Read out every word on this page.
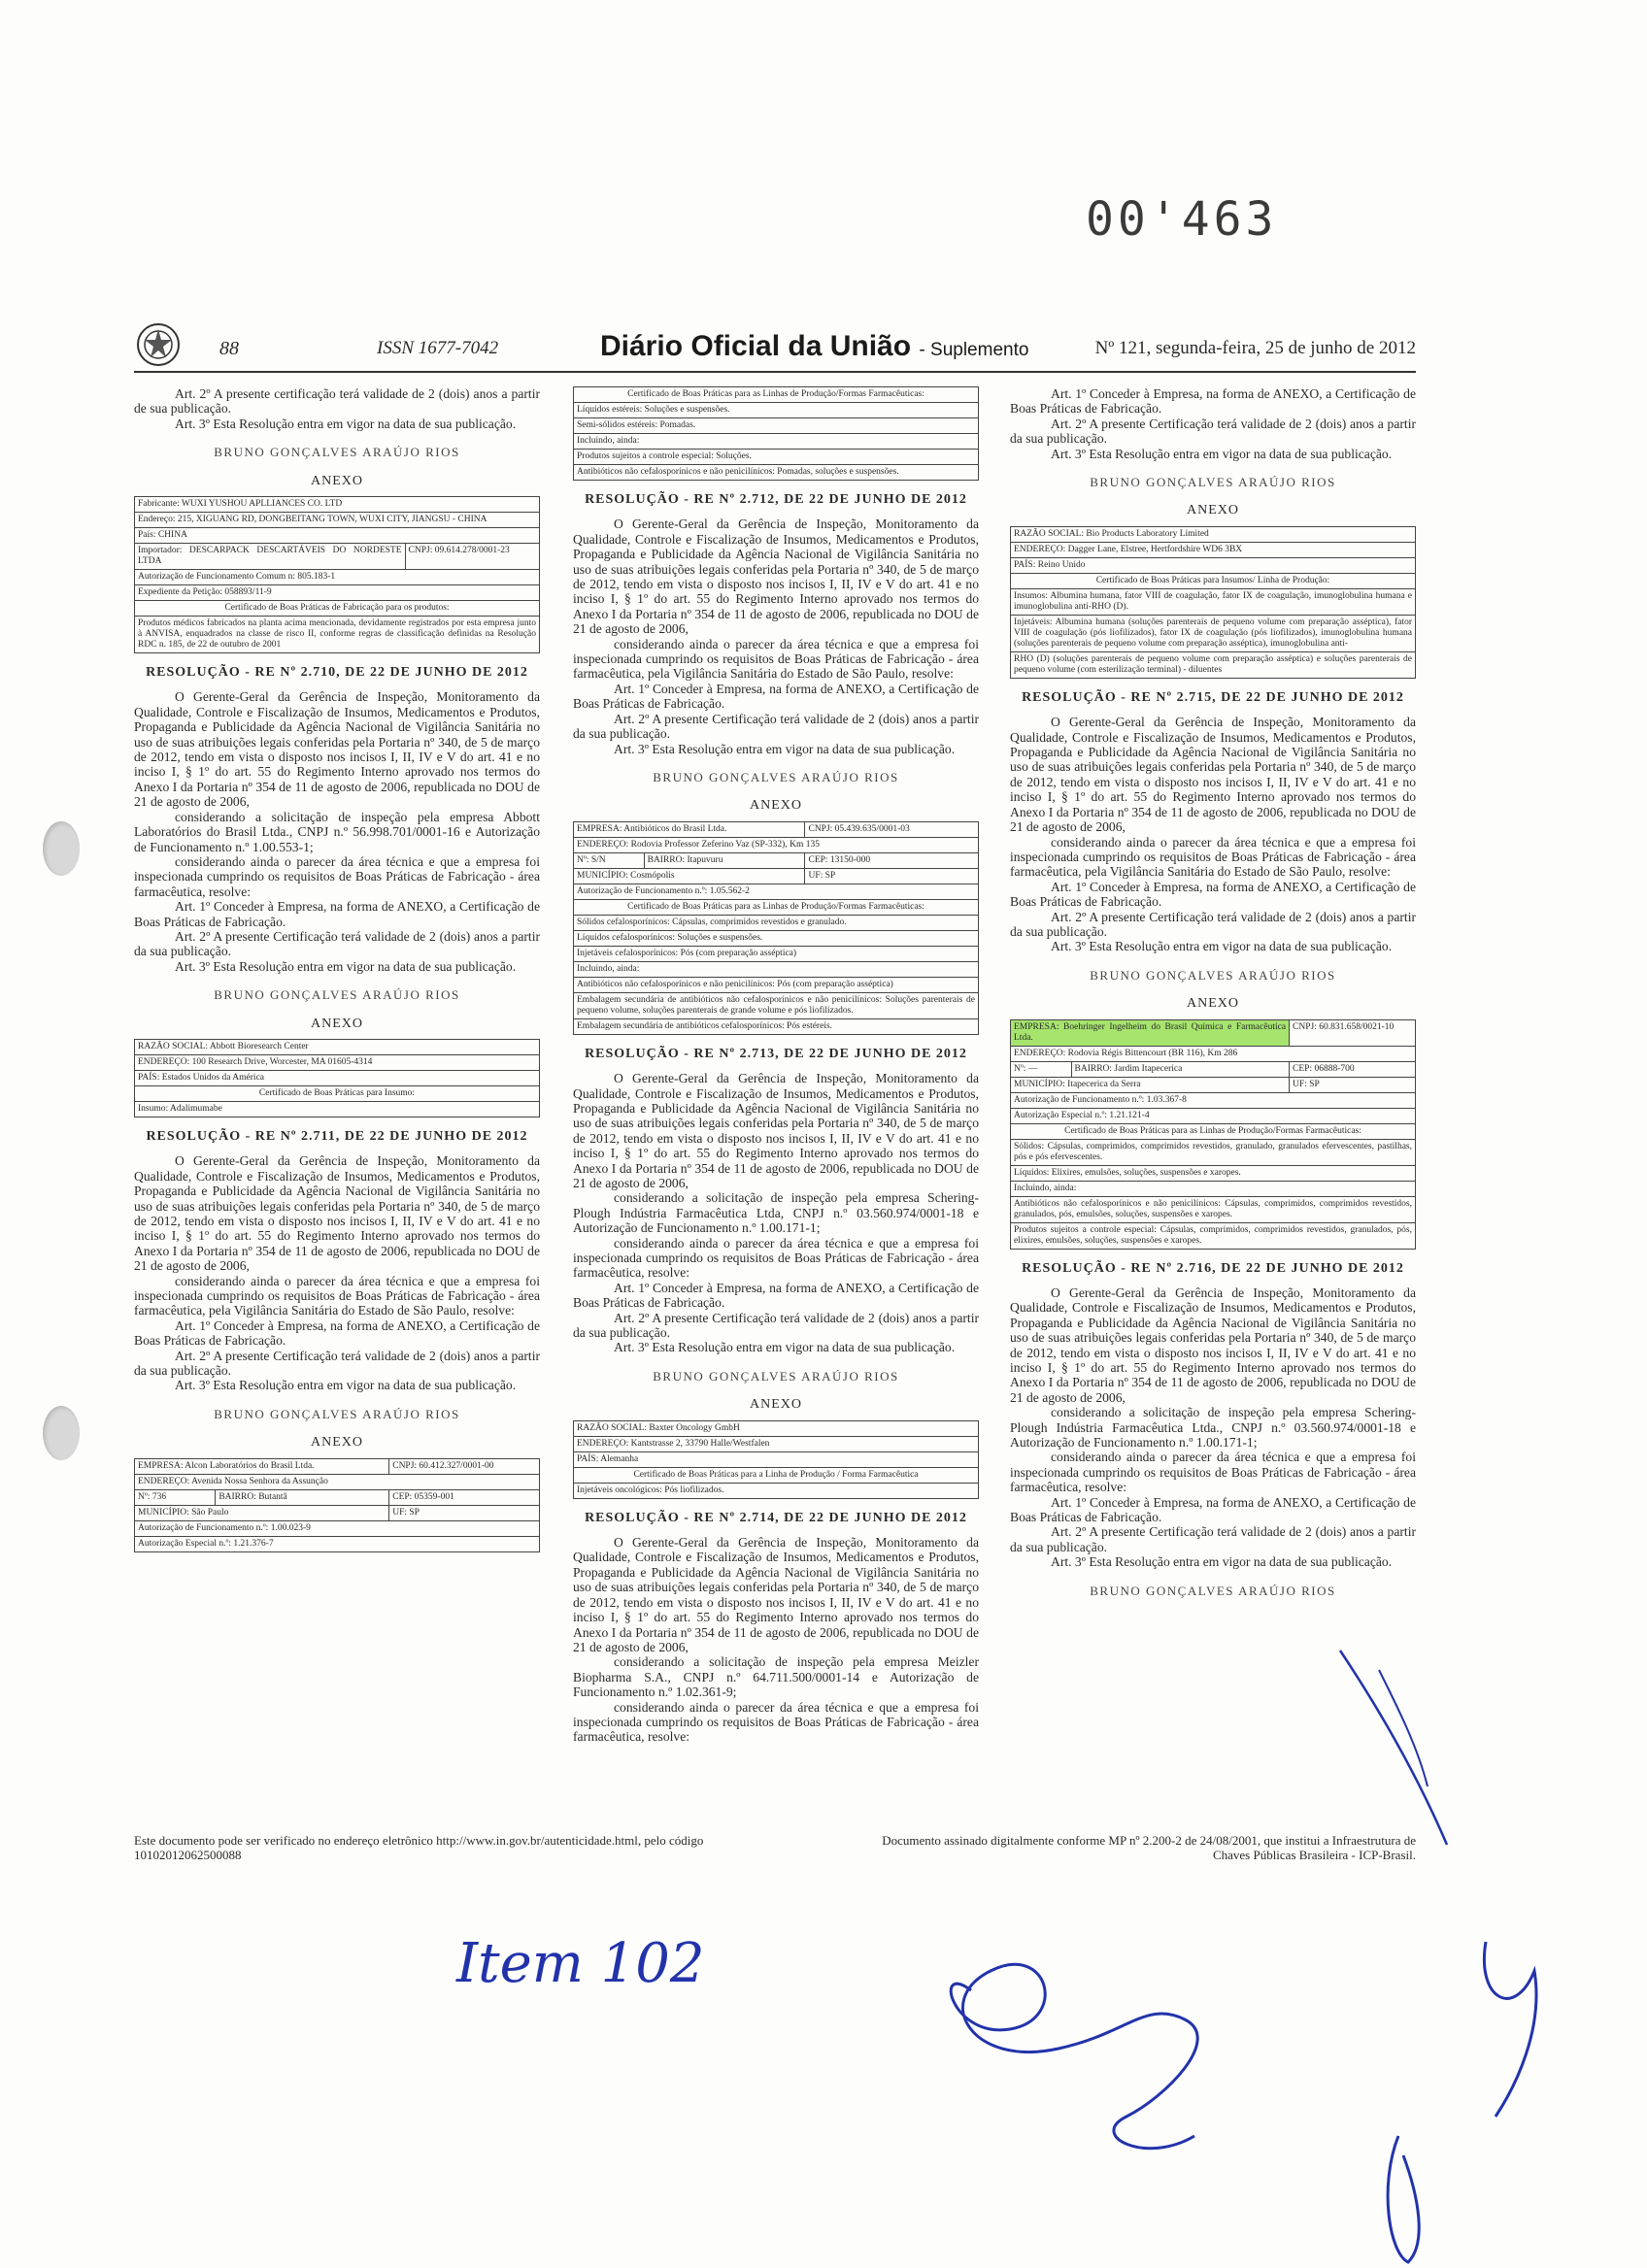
00'463
88	ISSN 1677-7042	Diário Oficial da União - Suplemento	Nº 121, segunda-feira, 25 de junho de 2012

Art. 2º A presente certificação terá validade de 2 (dois) anos a partir de sua publicação.

Art. 3º Esta Resolução entra em vigor na data de sua publicação.

BRUNO GONÇALVES ARAÚJO RIOS

ANEXO

Fabricante: WUXI YUSHOU APLLIANCES CO. LTD
Endereço: 215, XIGUANG RD, DONGBEITANG TOWN, WUXI CITY, JIANGSU - CHINA
País: CHINA
Importador: DESCARPACK DESCARTÁVEIS DO NORDESTE LTDA	CNPJ: 09.614.278/0001-23
Autorização de Funcionamento Comum n: 805.183-1
Expediente da Petição: 058893/11-9
Certificado de Boas Práticas de Fabricação para os produtos:
Produtos médicos fabricados na planta acima mencionada, devidamente registrados por esta empresa junto à ANVISA, enquadrados na classe de risco II, conforme regras de classificação definidas na Resolução RDC n. 185, de 22 de outubro de 2001
RESOLUÇÃO - RE Nº 2.710, DE 22 DE JUNHO DE 2012

O Gerente-Geral da Gerência de Inspeção, Monitoramento da Qualidade, Controle e Fiscalização de Insumos, Medicamentos e Produtos, Propaganda e Publicidade da Agência Nacional de Vigilância Sanitária no uso de suas atribuições legais conferidas pela Portaria nº 340, de 5 de março de 2012, tendo em vista o disposto nos incisos I, II, IV e V do art. 41 e no inciso I, § 1º do art. 55 do Regimento Interno aprovado nos termos do Anexo I da Portaria nº 354 de 11 de agosto de 2006, republicada no DOU de 21 de agosto de 2006,

considerando a solicitação de inspeção pela empresa Abbott Laboratórios do Brasil Ltda., CNPJ n.º 56.998.701/0001-16 e Autorização de Funcionamento n.º 1.00.553-1;

considerando ainda o parecer da área técnica e que a empresa foi inspecionada cumprindo os requisitos de Boas Práticas de Fabricação - área farmacêutica, resolve:

Art. 1º Conceder à Empresa, na forma de ANEXO, a Certificação de Boas Práticas de Fabricação.

Art. 2º A presente Certificação terá validade de 2 (dois) anos a partir da sua publicação.

Art. 3º Esta Resolução entra em vigor na data de sua publicação.

BRUNO GONÇALVES ARAÚJO RIOS

ANEXO

RAZÃO SOCIAL: Abbott Bioresearch Center
ENDEREÇO: 100 Research Drive, Worcester, MA 01605-4314
PAÍS: Estados Unidos da América
Certificado de Boas Práticas para Insumo:
Insumo: Adalimumabe
RESOLUÇÃO - RE Nº 2.711, DE 22 DE JUNHO DE 2012

O Gerente-Geral da Gerência de Inspeção, Monitoramento da Qualidade, Controle e Fiscalização de Insumos, Medicamentos e Produtos, Propaganda e Publicidade da Agência Nacional de Vigilância Sanitária no uso de suas atribuições legais conferidas pela Portaria nº 340, de 5 de março de 2012, tendo em vista o disposto nos incisos I, II, IV e V do art. 41 e no inciso I, § 1º do art. 55 do Regimento Interno aprovado nos termos do Anexo I da Portaria nº 354 de 11 de agosto de 2006, republicada no DOU de 21 de agosto de 2006,

considerando ainda o parecer da área técnica e que a empresa foi inspecionada cumprindo os requisitos de Boas Práticas de Fabricação - área farmacêutica, pela Vigilância Sanitária do Estado de São Paulo, resolve:

Art. 1º Conceder à Empresa, na forma de ANEXO, a Certificação de Boas Práticas de Fabricação.

Art. 2º A presente Certificação terá validade de 2 (dois) anos a partir da sua publicação.

Art. 3º Esta Resolução entra em vigor na data de sua publicação.

BRUNO GONÇALVES ARAÚJO RIOS

ANEXO

EMPRESA: Alcon Laboratórios do Brasil Ltda.		CNPJ: 60.412.327/0001-00
ENDEREÇO: Avenida Nossa Senhora da Assunção		
Nº: 736	BAIRRO: Butantã	CEP: 05359-001
MUNICÍPIO: São Paulo		UF: SP
Autorização de Funcionamento n.º: 1.00.023-9		
Autorização Especial n.º: 1.21.376-7		
Certificado de Boas Práticas para as Linhas de Produção/Formas Farmacêuticas:
Líquidos estéreis: Soluções e suspensões.
Semi-sólidos estéreis: Pomadas.
Incluindo, ainda:
Produtos sujeitos a controle especial: Soluções.
Antibióticos não cefalosporínicos e não penicilínicos: Pomadas, soluções e suspensões.
RESOLUÇÃO - RE Nº 2.712, DE 22 DE JUNHO DE 2012

O Gerente-Geral da Gerência de Inspeção, Monitoramento da Qualidade, Controle e Fiscalização de Insumos, Medicamentos e Produtos, Propaganda e Publicidade da Agência Nacional de Vigilância Sanitária no uso de suas atribuições legais conferidas pela Portaria nº 340, de 5 de março de 2012, tendo em vista o disposto nos incisos I, II, IV e V do art. 41 e no inciso I, § 1º do art. 55 do Regimento Interno aprovado nos termos do Anexo I da Portaria nº 354 de 11 de agosto de 2006, republicada no DOU de 21 de agosto de 2006,

considerando ainda o parecer da área técnica e que a empresa foi inspecionada cumprindo os requisitos de Boas Práticas de Fabricação - área farmacêutica, pela Vigilância Sanitária do Estado de São Paulo, resolve:

Art. 1º Conceder à Empresa, na forma de ANEXO, a Certificação de Boas Práticas de Fabricação.

Art. 2º A presente Certificação terá validade de 2 (dois) anos a partir da sua publicação.

Art. 3º Esta Resolução entra em vigor na data de sua publicação.

BRUNO GONÇALVES ARAÚJO RIOS

ANEXO

EMPRESA: Antibióticos do Brasil Ltda.		CNPJ: 05.439.635/0001-03
ENDEREÇO: Rodovia Professor Zeferino Vaz (SP-332), Km 135		
Nº: S/N	BAIRRO: Itapuvuru	CEP: 13150-000
MUNICÍPIO: Cosmópolis		UF: SP
Autorização de Funcionamento n.º: 1.05.562-2		
Certificado de Boas Práticas para as Linhas de Produção/Formas Farmacêuticas:		
Sólidos cefalosporínicos: Cápsulas, comprimidos revestidos e granulado.		
Líquidos cefalosporínicos: Soluções e suspensões.		
Injetáveis cefalosporínicos: Pós (com preparação asséptica)		
Incluindo, ainda:		
Antibióticos não cefalosporínicos e não penicilínicos: Pós (com preparação asséptica)		
Embalagem secundária de antibióticos não cefalosporínicos e não penicilínicos: Soluções parenterais de pequeno volume, soluções parenterais de grande volume e pós liofilizados.		
Embalagem secundária de antibióticos cefalosporínicos: Pós estéreis.		
RESOLUÇÃO - RE Nº 2.713, DE 22 DE JUNHO DE 2012

O Gerente-Geral da Gerência de Inspeção, Monitoramento da Qualidade, Controle e Fiscalização de Insumos, Medicamentos e Produtos, Propaganda e Publicidade da Agência Nacional de Vigilância Sanitária no uso de suas atribuições legais conferidas pela Portaria nº 340, de 5 de março de 2012, tendo em vista o disposto nos incisos I, II, IV e V do art. 41 e no inciso I, § 1º do art. 55 do Regimento Interno aprovado nos termos do Anexo I da Portaria nº 354 de 11 de agosto de 2006, republicada no DOU de 21 de agosto de 2006,

considerando a solicitação de inspeção pela empresa Schering-Plough Indústria Farmacêutica Ltda, CNPJ n.º 03.560.974/0001-18 e Autorização de Funcionamento n.º 1.00.171-1;

considerando ainda o parecer da área técnica e que a empresa foi inspecionada cumprindo os requisitos de Boas Práticas de Fabricação - área farmacêutica, resolve:

Art. 1º Conceder à Empresa, na forma de ANEXO, a Certificação de Boas Práticas de Fabricação.

Art. 2º A presente Certificação terá validade de 2 (dois) anos a partir da sua publicação.

Art. 3º Esta Resolução entra em vigor na data de sua publicação.

BRUNO GONÇALVES ARAÚJO RIOS

ANEXO

RAZÃO SOCIAL: Baxter Oncology GmbH
ENDEREÇO: Kantstrasse 2, 33790 Halle/Westfalen
PAÍS: Alemanha
Certificado de Boas Práticas para a Linha de Produção / Forma Farmacêutica
Injetáveis oncológicos: Pós liofilizados.
RESOLUÇÃO - RE Nº 2.714, DE 22 DE JUNHO DE 2012

O Gerente-Geral da Gerência de Inspeção, Monitoramento da Qualidade, Controle e Fiscalização de Insumos, Medicamentos e Produtos, Propaganda e Publicidade da Agência Nacional de Vigilância Sanitária no uso de suas atribuições legais conferidas pela Portaria nº 340, de 5 de março de 2012, tendo em vista o disposto nos incisos I, II, IV e V do art. 41 e no inciso I, § 1º do art. 55 do Regimento Interno aprovado nos termos do Anexo I da Portaria nº 354 de 11 de agosto de 2006, republicada no DOU de 21 de agosto de 2006,

considerando a solicitação de inspeção pela empresa Meizler Biopharma S.A., CNPJ n.º 64.711.500/0001-14 e Autorização de Funcionamento n.º 1.02.361-9;

considerando ainda o parecer da área técnica e que a empresa foi inspecionada cumprindo os requisitos de Boas Práticas de Fabricação - área farmacêutica, resolve:

Art. 1º Conceder à Empresa, na forma de ANEXO, a Certificação de Boas Práticas de Fabricação.

Art. 2º A presente Certificação terá validade de 2 (dois) anos a partir da sua publicação.

Art. 3º Esta Resolução entra em vigor na data de sua publicação.

BRUNO GONÇALVES ARAÚJO RIOS

ANEXO

RAZÃO SOCIAL: Bio Products Laboratory Limited
ENDEREÇO: Dagger Lane, Elstree, Hertfordshire WD6 3BX
PAÍS: Reino Unido
Certificado de Boas Práticas para Insumos/ Linha de Produção:
Insumos: Albumina humana, fator VIII de coagulação, fator IX de coagulação, imunoglobulina humana e imunoglobulina anti-RHO (D).
Injetáveis: Albumina humana (soluções parenterais de pequeno volume com preparação asséptica), fator VIII de coagulação (pós liofilizados), fator IX de coagulação (pós liofilizados), imunoglobulina humana (soluções parenterais de pequeno volume com preparação asséptica), imunoglobulina anti-
RHO (D) (soluções parenterais de pequeno volume com preparação asséptica) e soluções parenterais de pequeno volume (com esterilização terminal) - diluentes
RESOLUÇÃO - RE Nº 2.715, DE 22 DE JUNHO DE 2012

O Gerente-Geral da Gerência de Inspeção, Monitoramento da Qualidade, Controle e Fiscalização de Insumos, Medicamentos e Produtos, Propaganda e Publicidade da Agência Nacional de Vigilância Sanitária no uso de suas atribuições legais conferidas pela Portaria nº 340, de 5 de março de 2012, tendo em vista o disposto nos incisos I, II, IV e V do art. 41 e no inciso I, § 1º do art. 55 do Regimento Interno aprovado nos termos do Anexo I da Portaria nº 354 de 11 de agosto de 2006, republicada no DOU de 21 de agosto de 2006,

considerando ainda o parecer da área técnica e que a empresa foi inspecionada cumprindo os requisitos de Boas Práticas de Fabricação - área farmacêutica, pela Vigilância Sanitária do Estado de São Paulo, resolve:

Art. 1º Conceder à Empresa, na forma de ANEXO, a Certificação de Boas Práticas de Fabricação.

Art. 2º A presente Certificação terá validade de 2 (dois) anos a partir da sua publicação.

Art. 3º Esta Resolução entra em vigor na data de sua publicação.

BRUNO GONÇALVES ARAÚJO RIOS

ANEXO

EMPRESA: Boehringer Ingelheim do Brasil Química e Farmacêutica Ltda.		CNPJ: 60.831.658/0021-10
ENDEREÇO: Rodovia Régis Bittencourt (BR 116), Km 286		
Nº: —	BAIRRO: Jardim Itapecerica	CEP: 06888-700
MUNICÍPIO: Itapecerica da Serra		UF: SP
Autorização de Funcionamento n.º: 1.03.367-8		
Autorização Especial n.º: 1.21.121-4		
Certificado de Boas Práticas para as Linhas de Produção/Formas Farmacêuticas:		
Sólidos: Cápsulas, comprimidos, comprimidos revestidos, granulado, granulados efervescentes, pastilhas, pós e pós efervescentes.		
Líquidos: Elixires, emulsões, soluções, suspensões e xaropes.		
Incluindo, ainda:		
Antibióticos não cefalosporínicos e não penicilínicos: Cápsulas, comprimidos, comprimidos revestidos, granulados, pós, emulsões, soluções, suspensões e xaropes.		
Produtos sujeitos a controle especial: Cápsulas, comprimidos, comprimidos revestidos, granulados, pós, elixires, emulsões, soluções, suspensões e xaropes.		
RESOLUÇÃO - RE Nº 2.716, DE 22 DE JUNHO DE 2012

O Gerente-Geral da Gerência de Inspeção, Monitoramento da Qualidade, Controle e Fiscalização de Insumos, Medicamentos e Produtos, Propaganda e Publicidade da Agência Nacional de Vigilância Sanitária no uso de suas atribuições legais conferidas pela Portaria nº 340, de 5 de março de 2012, tendo em vista o disposto nos incisos I, II, IV e V do art. 41 e no inciso I, § 1º do art. 55 do Regimento Interno aprovado nos termos do Anexo I da Portaria nº 354 de 11 de agosto de 2006, republicada no DOU de 21 de agosto de 2006,

considerando a solicitação de inspeção pela empresa Schering-Plough Indústria Farmacêutica Ltda., CNPJ n.º 03.560.974/0001-18 e Autorização de Funcionamento n.º 1.00.171-1;

considerando ainda o parecer da área técnica e que a empresa foi inspecionada cumprindo os requisitos de Boas Práticas de Fabricação - área farmacêutica, resolve:

Art. 1º Conceder à Empresa, na forma de ANEXO, a Certificação de Boas Práticas de Fabricação.

Art. 2º A presente Certificação terá validade de 2 (dois) anos a partir da sua publicação.

Art. 3º Esta Resolução entra em vigor na data de sua publicação.

BRUNO GONÇALVES ARAÚJO RIOS

Este documento pode ser verificado no endereço eletrônico http://www.in.gov.br/autenticidade.html, pelo código 10102012062500088
Documento assinado digitalmente conforme MP nº 2.200-2 de 24/08/2001, que institui a Infraestrutura de Chaves Públicas Brasileira - ICP-Brasil.
Item 102
